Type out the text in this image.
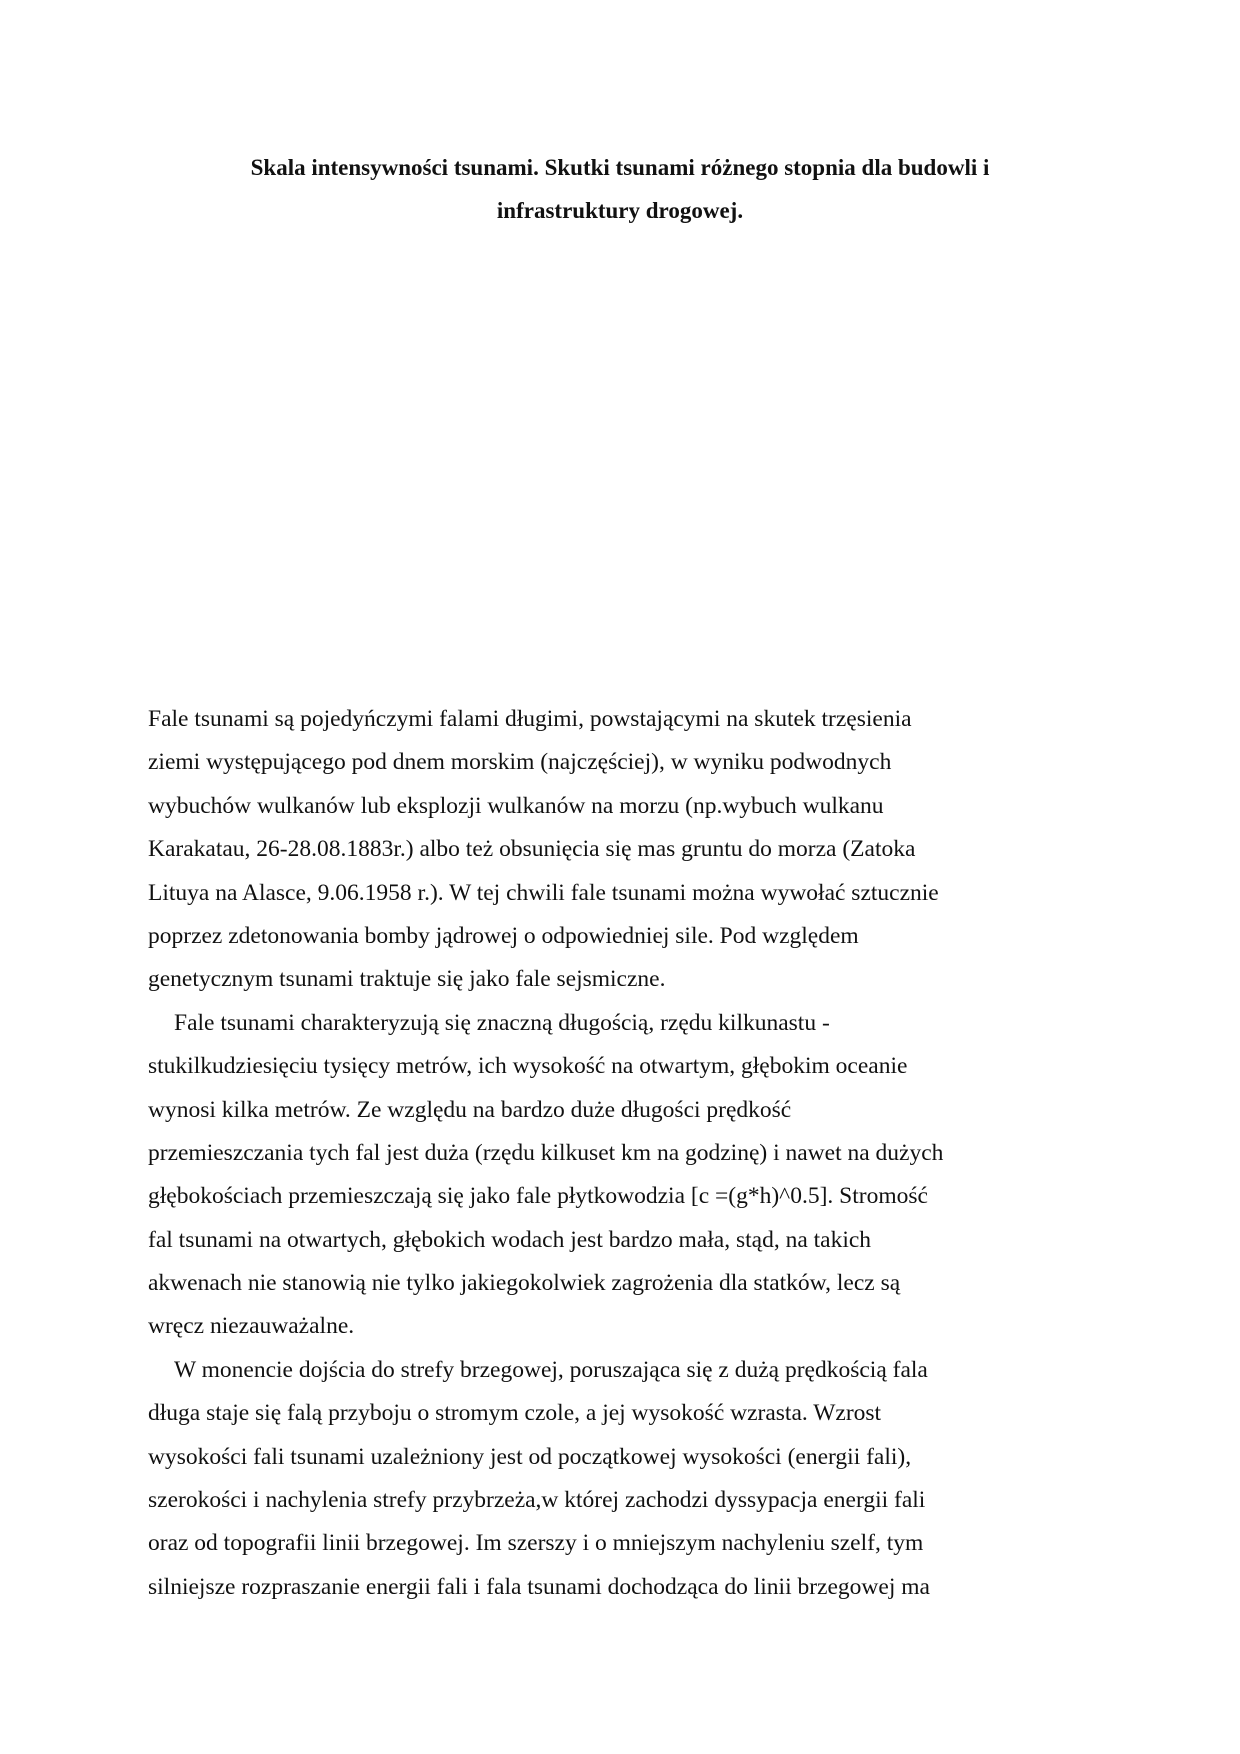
Skala intensywności tsunami. Skutki tsunami różnego stopnia dla budowli i
infrastruktury drogowej.
Fale tsunami są pojedyńczymi falami długimi, powstającymi na skutek trzęsienia
ziemi występującego pod dnem morskim (najczęściej), w wyniku podwodnych
wybuchów wulkanów lub eksplozji wulkanów na morzu (np.wybuch wulkanu
Karakatau, 26-28.08.1883r.) albo też obsunięcia się mas gruntu do morza (Zatoka
Lituya na Alasce, 9.06.1958 r.). W tej chwili fale tsunami można wywołać sztucznie
poprzez zdetonowania bomby jądrowej o odpowiedniej sile. Pod względem
genetycznym tsunami traktuje się jako fale sejsmiczne.
Fale tsunami charakteryzują się znaczną długością, rzędu kilkunastu -
stukilkudziesięciu tysięcy metrów, ich wysokość na otwartym, głębokim oceanie
wynosi kilka metrów. Ze względu na bardzo duże długości prędkość
przemieszczania tych fal jest duża (rzędu kilkuset km na godzinę) i nawet na dużych
głębokościach przemieszczają się jako fale płytkowodzia [c =(g*h)^0.5]. Stromość
fal tsunami na otwartych, głębokich wodach jest bardzo mała, stąd, na takich
akwenach nie stanowią nie tylko jakiegokolwiek zagrożenia dla statków, lecz są
wręcz niezauważalne.
W monencie dojścia do strefy brzegowej, poruszająca się z dużą prędkością fala
długa staje się falą przyboju o stromym czole, a jej wysokość wzrasta. Wzrost
wysokości fali tsunami uzależniony jest od początkowej wysokości (energii fali),
szerokości i nachylenia strefy przybrzeża,w której zachodzi dyssypacja energii fali
oraz od topografii linii brzegowej. Im szerszy i o mniejszym nachyleniu szelf, tym
silniejsze rozpraszanie energii fali i fala tsunami dochodząca do linii brzegowej ma
